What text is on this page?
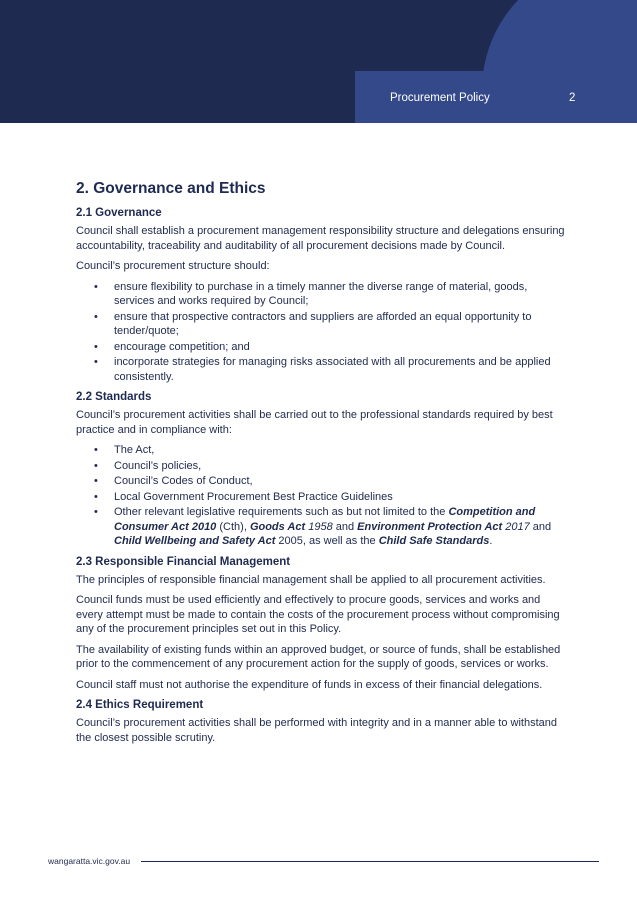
Procurement Policy	2
2. Governance and Ethics
2.1 Governance

Council shall establish a procurement management responsibility structure and delegations ensuring accountability, traceability and auditability of all procurement decisions made by Council.

Council’s procurement structure should:

• ensure flexibility to purchase in a timely manner the diverse range of material, goods, services and works required by Council;
• ensure that prospective contractors and suppliers are afforded an equal opportunity to tender/quote;
• encourage competition; and
• incorporate strategies for managing risks associated with all procurements and be applied consistently.
2.2 Standards

Council’s procurement activities shall be carried out to the professional standards required by best practice and in compliance with:

• The Act,
• Council’s policies,
• Council’s Codes of Conduct,
• Local Government Procurement Best Practice Guidelines
• Other relevant legislative requirements such as but not limited to the Competition and Consumer Act 2010 (Cth), Goods Act 1958 and Environment Protection Act 2017 and Child Wellbeing and Safety Act 2005, as well as the Child Safe Standards.
2.3 Responsible Financial Management

The principles of responsible financial management shall be applied to all procurement activities.

Council funds must be used efficiently and effectively to procure goods, services and works and every attempt must be made to contain the costs of the procurement process without compromising any of the procurement principles set out in this Policy.

The availability of existing funds within an approved budget, or source of funds, shall be established prior to the commencement of any procurement action for the supply of goods, services or works.

Council staff must not authorise the expenditure of funds in excess of their financial delegations.

2.4 Ethics Requirement

Council’s procurement activities shall be performed with integrity and in a manner able to withstand the closest possible scrutiny.

wangaratta.vic.gov.au
